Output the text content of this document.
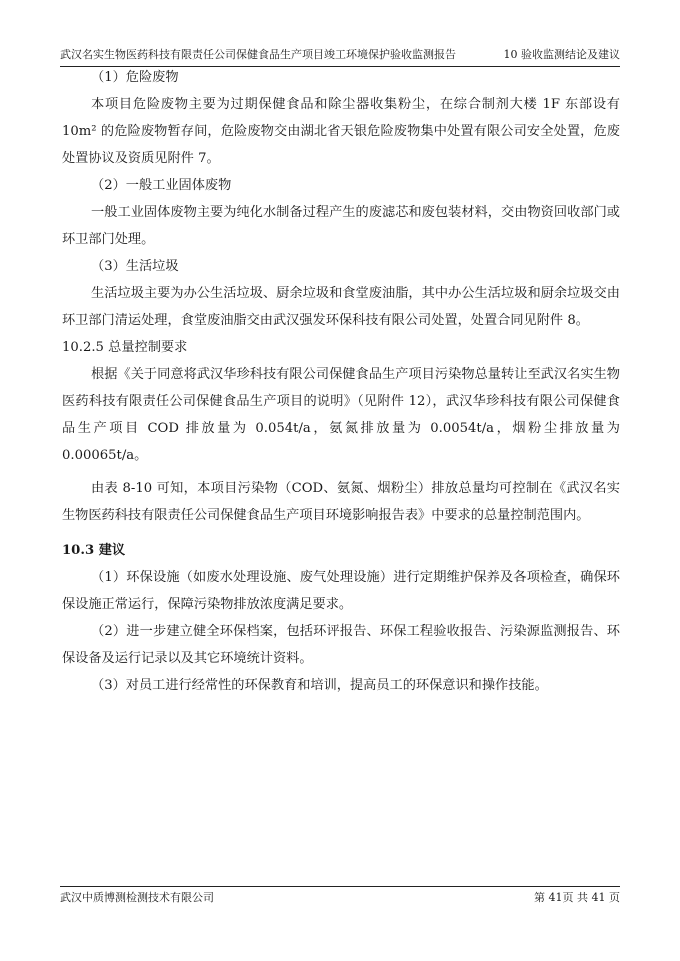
武汉名实生物医药科技有限责任公司保健食品生产项目竣工环境保护验收监测报告	10 验收监测结论及建议

（1）危险废物

本项目危险废物主要为过期保健食品和除尘器收集粉尘，在综合制剂大楼 1F 东部设有 10m² 的危险废物暂存间，危险废物交由湖北省天银危险废物集中处置有限公司安全处置，危废处置协议及资质见附件 7。

（2）一般工业固体废物

一般工业固体废物主要为纯化水制备过程产生的废滤芯和废包装材料，交由物资回收部门或环卫部门处理。

（3）生活垃圾

生活垃圾主要为办公生活垃圾、厨余垃圾和食堂废油脂，其中办公生活垃圾和厨余垃圾交由环卫部门清运处理，食堂废油脂交由武汉强发环保科技有限公司处置，处置合同见附件 8。

10.2.5 总量控制要求

根据《关于同意将武汉华珍科技有限公司保健食品生产项目污染物总量转让至武汉名实生物医药科技有限责任公司保健食品生产项目的说明》（见附件 12），武汉华珍科技有限公司保健食品生产项目 COD 排放量为 0.054t/a，氨氮排放量为 0.0054t/a，烟粉尘排放量为 0.00065t/a。

由表 8-10 可知，本项目污染物（COD、氨氮、烟粉尘）排放总量均可控制在《武汉名实生物医药科技有限责任公司保健食品生产项目环境影响报告表》中要求的总量控制范围内。

10.3 建议

（1）环保设施（如废水处理设施、废气处理设施）进行定期维护保养及各项检查，确保环保设施正常运行，保障污染物排放浓度满足要求。

（2）进一步建立健全环保档案，包括环评报告、环保工程验收报告、污染源监测报告、环保设备及运行记录以及其它环境统计资料。

（3）对员工进行经常性的环保教育和培训，提高员工的环保意识和操作技能。

武汉中质博测检测技术有限公司	第 41页 共 41 页
